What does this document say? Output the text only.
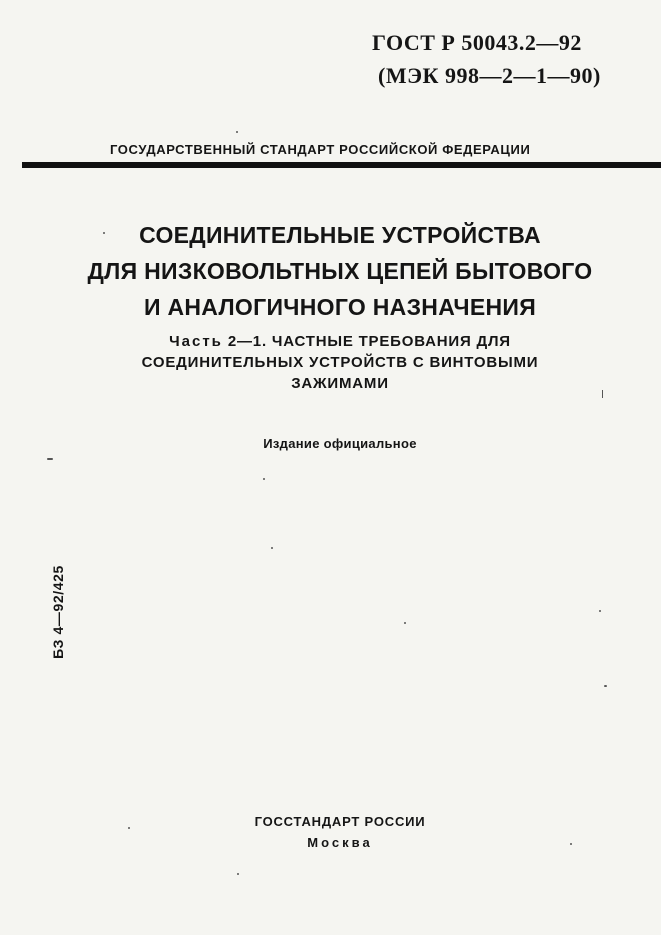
ГОСТ Р 50043.2—92
(МЭК 998—2—1—90)
ГОСУДАРСТВЕННЫЙ СТАНДАРТ РОССИЙСКОЙ ФЕДЕРАЦИИ
СОЕДИНИТЕЛЬНЫЕ УСТРОЙСТВА
ДЛЯ НИЗКОВОЛЬТНЫХ ЦЕПЕЙ БЫТОВОГО
И АНАЛОГИЧНОГО НАЗНАЧЕНИЯ
Часть 2—1. ЧАСТНЫЕ ТРЕБОВАНИЯ ДЛЯ
СОЕДИНИТЕЛЬНЫХ УСТРОЙСТВ С ВИНТОВЫМИ
ЗАЖИМАМИ
Издание официальное
БЗ 4—92/425
ГОССТАНДАРТ РОССИИ
Москва
